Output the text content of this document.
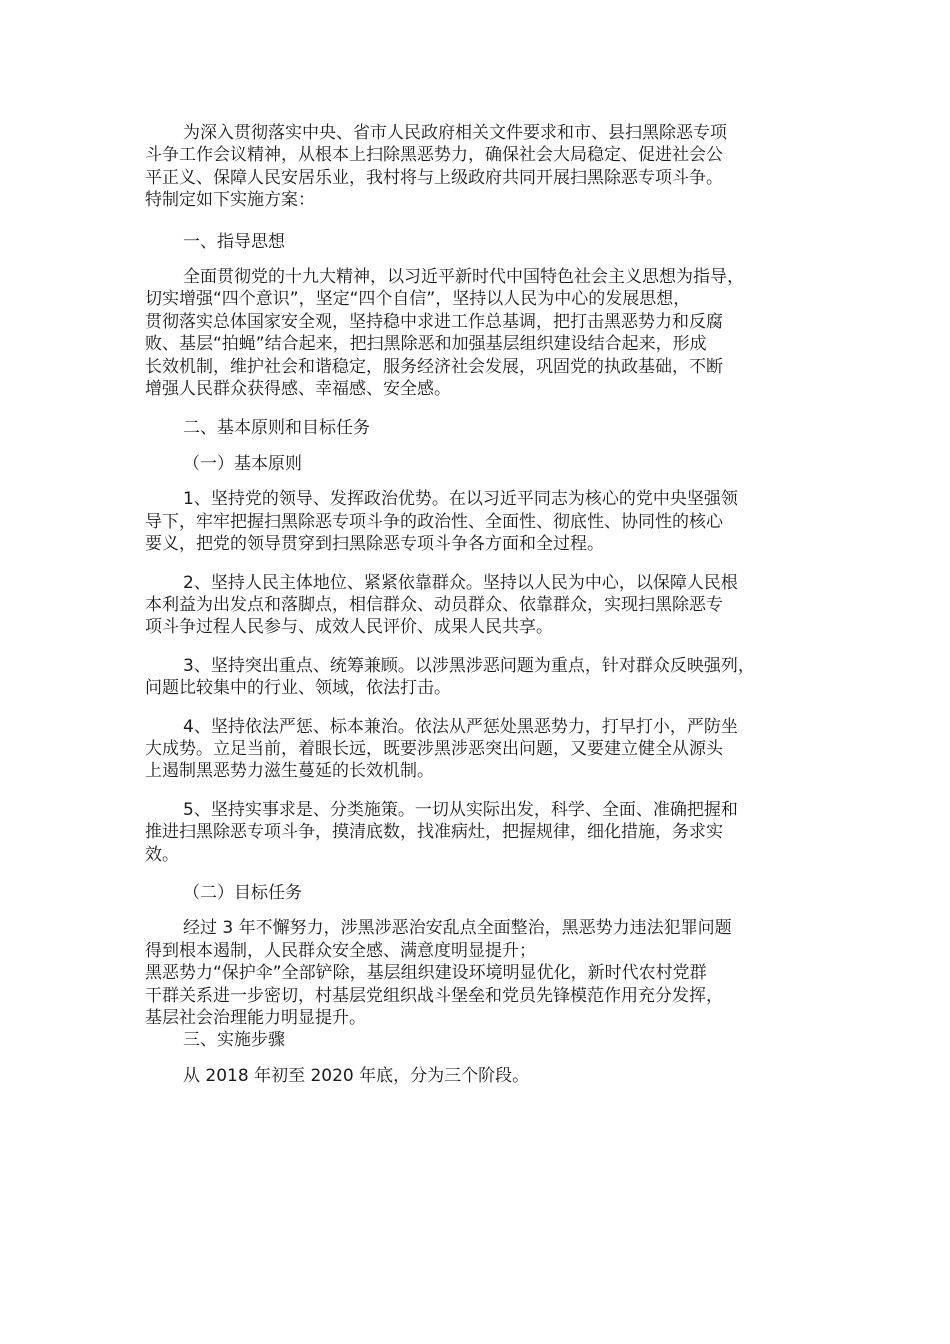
为深入贯彻落实中央、省市人民政府相关文件要求和市、县扫黑除恶专项
斗争工作会议精神，从根本上扫除黑恶势力，确保社会大局稳定、促进社会公
平正义、保障人民安居乐业，我村将与上级政府共同开展扫黑除恶专项斗争。
特制定如下实施方案：

一、指导思想

全面贯彻党的十九大精神，以习近平新时代中国特色社会主义思想为指导，
切实增强“四个意识”，坚定“四个自信”，坚持以人民为中心的发展思想，
贯彻落实总体国家安全观，坚持稳中求进工作总基调，把打击黑恶势力和反腐
败、基层“拍蝇”结合起来，把扫黑除恶和加强基层组织建设结合起来，形成
长效机制，维护社会和谐稳定，服务经济社会发展，巩固党的执政基础，不断
增强人民群众获得感、幸福感、安全感。

二、基本原则和目标任务

（一）基本原则

1、坚持党的领导、发挥政治优势。在以习近平同志为核心的党中央坚强领
导下，牢牢把握扫黑除恶专项斗争的政治性、全面性、彻底性、协同性的核心
要义，把党的领导贯穿到扫黑除恶专项斗争各方面和全过程。

2、坚持人民主体地位、紧紧依靠群众。坚持以人民为中心，以保障人民根
本利益为出发点和落脚点，相信群众、动员群众、依靠群众，实现扫黑除恶专
项斗争过程人民参与、成效人民评价、成果人民共享。

3、坚持突出重点、统筹兼顾。以涉黑涉恶问题为重点，针对群众反映强列，
问题比较集中的行业、领域，依法打击。

4、坚持依法严惩、标本兼治。依法从严惩处黑恶势力，打早打小，严防坐
大成势。立足当前，着眼长远，既要涉黑涉恶突出问题，又要建立健全从源头
上遏制黑恶势力滋生蔓延的长效机制。

5、坚持实事求是、分类施策。一切从实际出发，科学、全面、准确把握和
推进扫黑除恶专项斗争，摸清底数，找准病灶，把握规律，细化措施，务求实
效。

（二）目标任务

经过 3 年不懈努力，涉黑涉恶治安乱点全面整治，黑恶势力违法犯罪问题
得到根本遏制，人民群众安全感、满意度明显提升；
黑恶势力“保护伞”全部铲除，基层组织建设环境明显优化，新时代农村党群
干群关系进一步密切，村基层党组织战斗堡垒和党员先锋模范作用充分发挥，
基层社会治理能力明显提升。

三、实施步骤

从 2018 年初至 2020 年底，分为三个阶段。
